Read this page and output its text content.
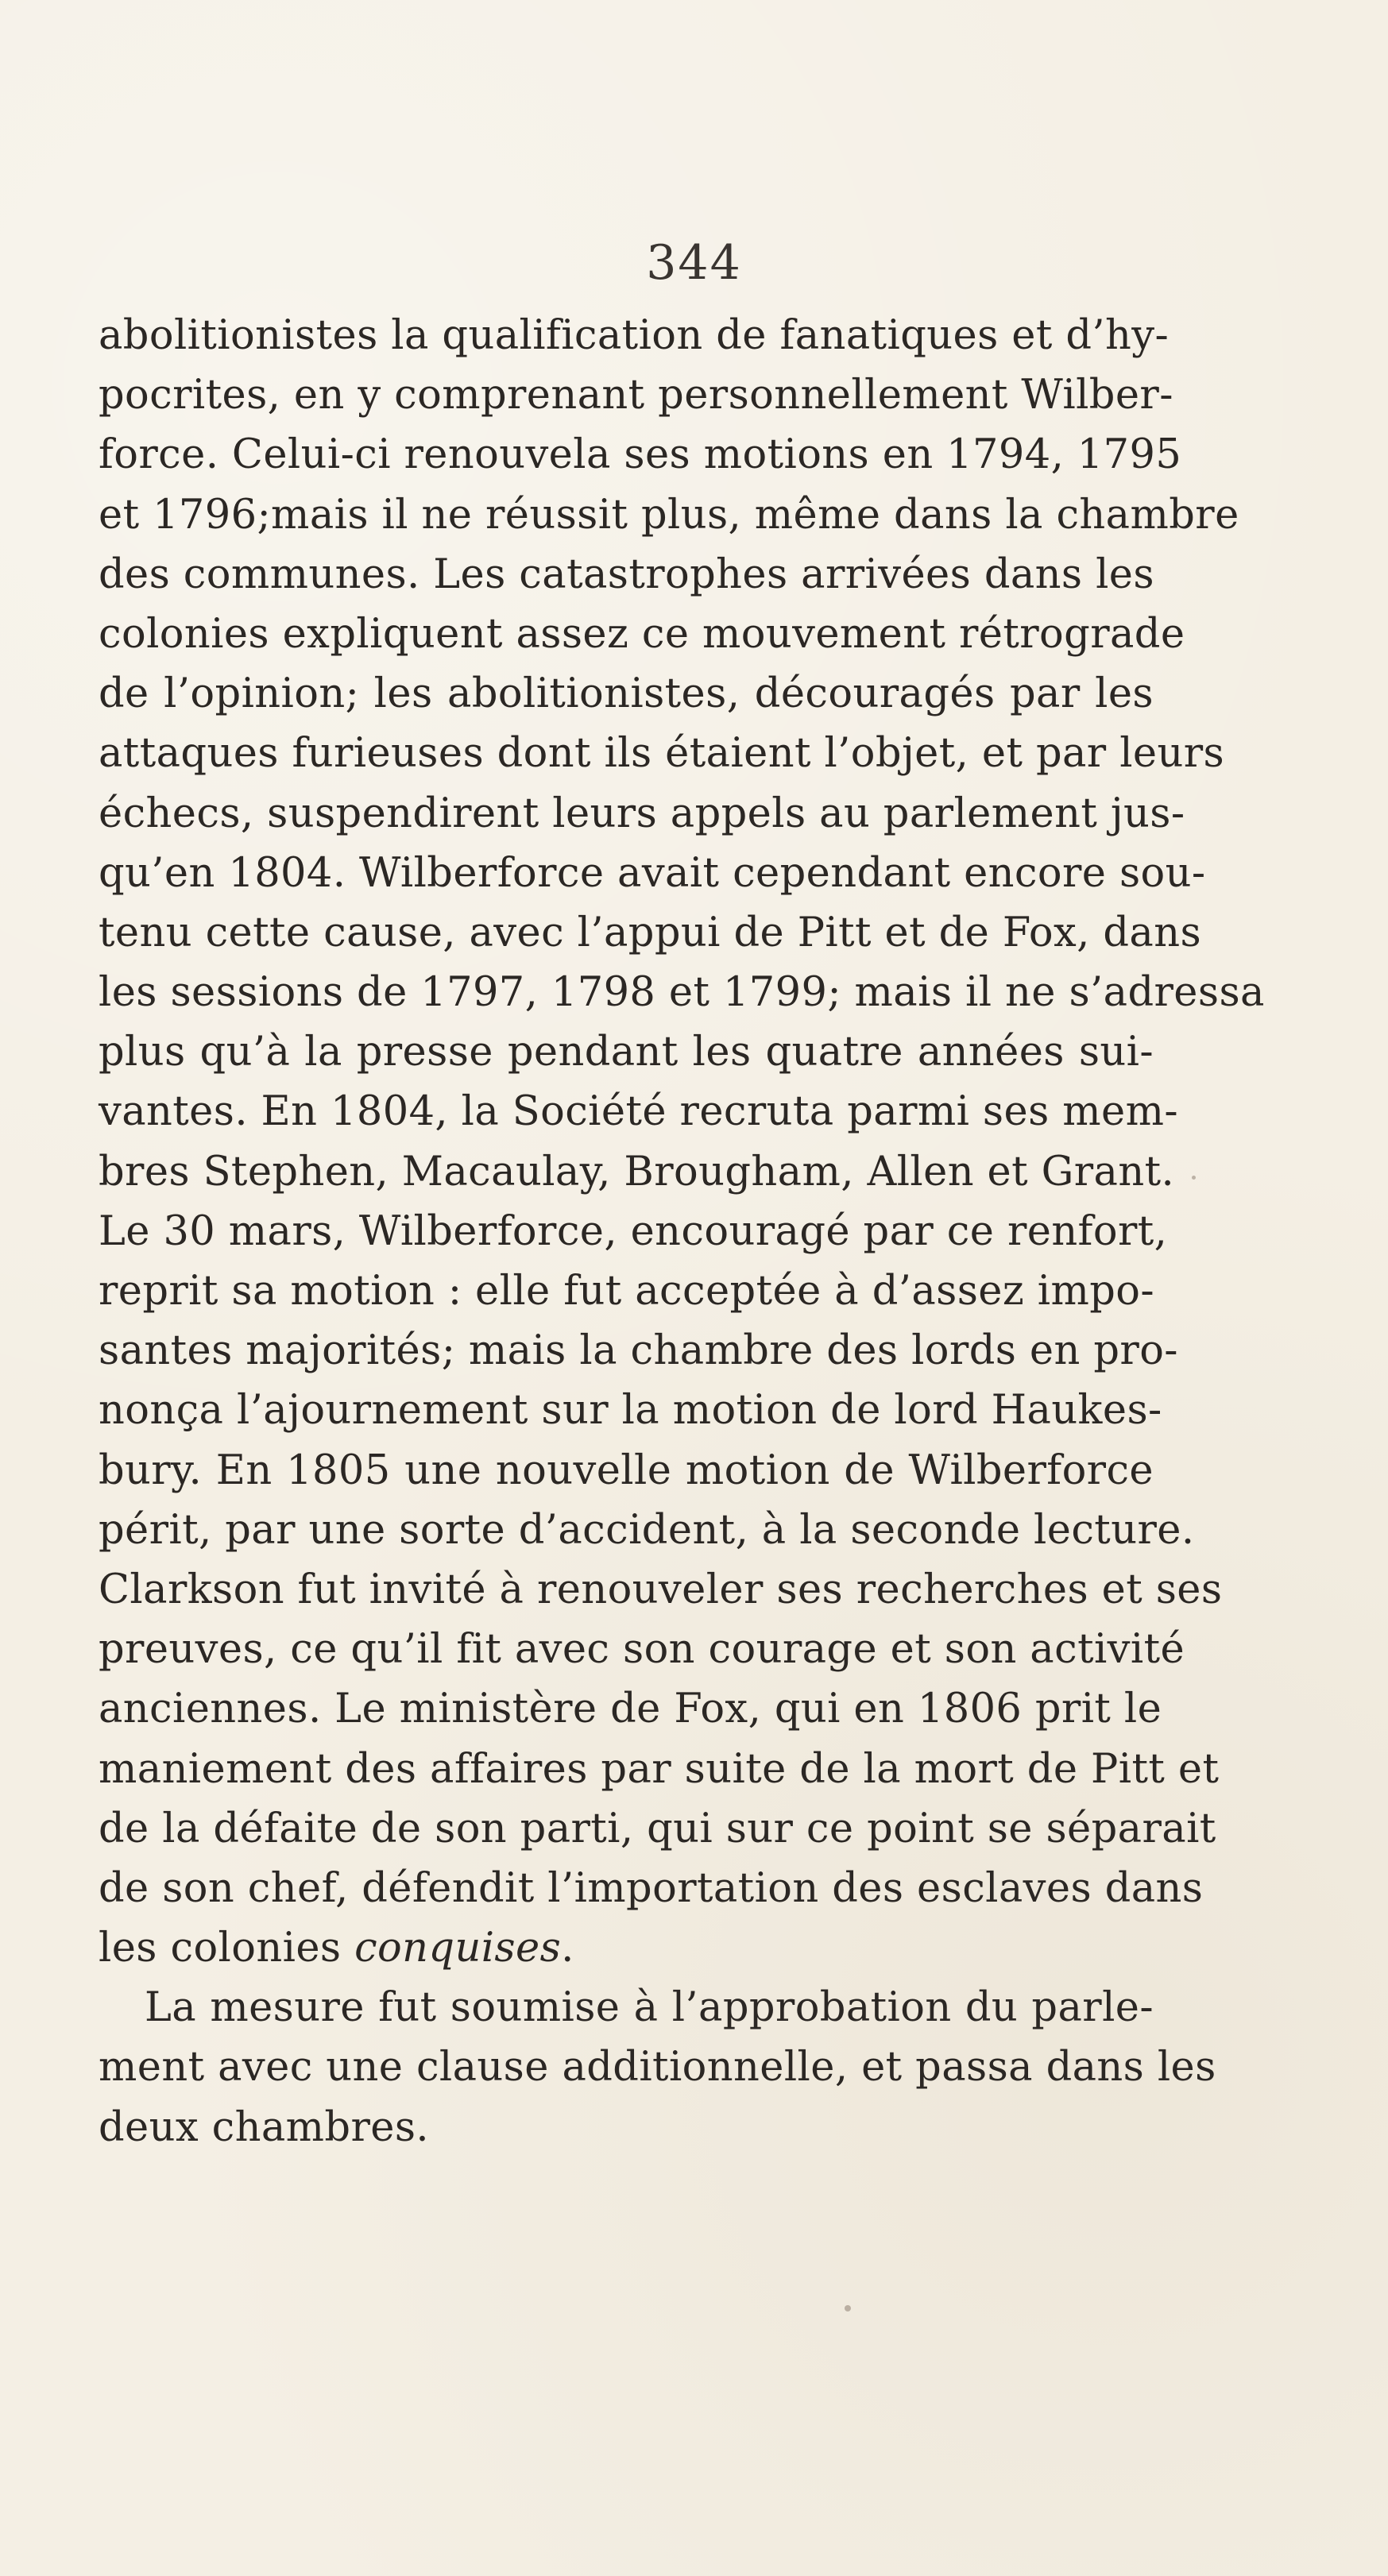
344
abolitionistes la qualification de fanatiques et d’hy-
pocrites, en y comprenant personnellement Wilber-
force. Celui-ci renouvela ses motions en 1794, 1795
et 1796;mais il ne réussit plus, même dans la chambre
des communes. Les catastrophes arrivées dans les
colonies expliquent assez ce mouvement rétrograde
de l’opinion; les abolitionistes, découragés par les
attaques furieuses dont ils étaient l’objet, et par leurs
échecs, suspendirent leurs appels au parlement jus-
qu’en 1804. Wilberforce avait cependant encore sou-
tenu cette cause, avec l’appui de Pitt et de Fox, dans
les sessions de 1797, 1798 et 1799; mais il ne s’adressa
plus qu’à la presse pendant les quatre années sui-
vantes. En 1804, la Société recruta parmi ses mem-
bres Stephen, Macaulay, Brougham, Allen et Grant.
Le 30 mars, Wilberforce, encouragé par ce renfort,
reprit sa motion : elle fut acceptée à d’assez impo-
santes majorités; mais la chambre des lords en pro-
nonça l’ajournement sur la motion de lord Haukes-
bury. En 1805 une nouvelle motion de Wilberforce
périt, par une sorte d’accident, à la seconde lecture.
Clarkson fut invité à renouveler ses recherches et ses
preuves, ce qu’il fit avec son courage et son activité
anciennes. Le ministère de Fox, qui en 1806 prit le
maniement des affaires par suite de la mort de Pitt et
de la défaite de son parti, qui sur ce point se séparait
de son chef, défendit l’importation des esclaves dans
les colonies conquises.
La mesure fut soumise à l’approbation du parle-
ment avec une clause additionnelle, et passa dans les
deux chambres.
